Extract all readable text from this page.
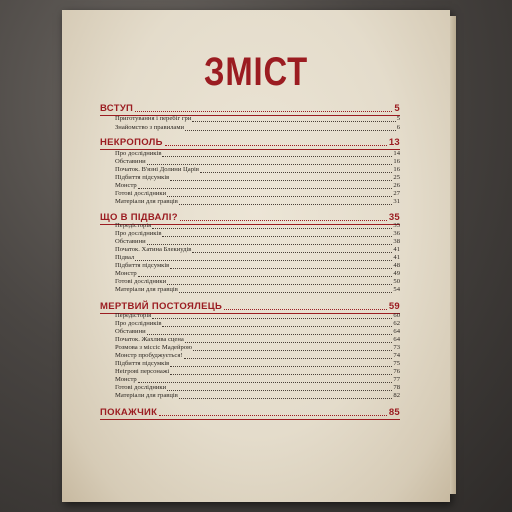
ЗМІСТ
ВСТУП	5
Приготування і перебіг гри	5
Знайомство з правилами	6
НЕКРОПОЛЬ	13
Про дослідників	14
Обставини	16
Початок. В'язні Долини Царів	16
Підбиття підсумків	25
Монстр	26
Готові дослідники	27
Матеріали для гравців	31
ЩО В ПІДВАЛІ?	35
Передісторія	35
Про дослідників	36
Обставини	38
Початок. Хатина Блекиудів	41
Підвал	41
Підбиття підсумків	48
Монстр	49
Готові дослідники	50
Матеріали для гравців	54
МЕРТВИЙ ПОСТОЯЛЕЦЬ	59
Передісторія	60
Про дослідників	62
Обставини	64
Початок. Жахлива сцена	64
Розмова з міссіс Мадейрою	73
Монстр пробуджується!	74
Підбиття підсумків	75
Неігрові персонажі	76
Монстр	77
Готові дослідники	78
Матеріали для гравців	82
ПОКАЖЧИК	85
